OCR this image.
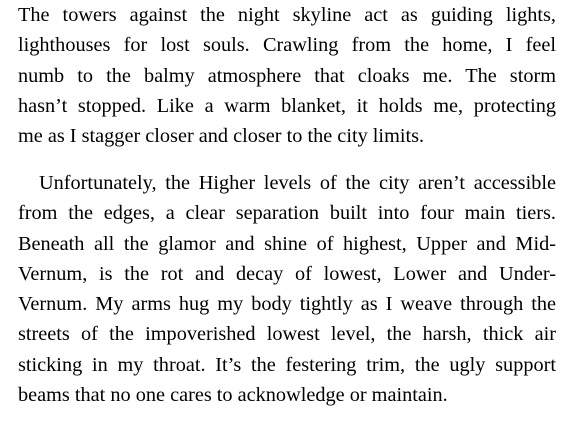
The towers against the night skyline act as guiding lights,
lighthouses for lost souls. Crawling from the home, I feel
numb to the balmy atmosphere that cloaks me. The storm
hasn’t stopped. Like a warm blanket, it holds me, protecting
me as I stagger closer and closer to the city limits.

Unfortunately, the Higher levels of the city aren’t accessible
from the edges, a clear separation built into four main tiers.
Beneath all the glamor and shine of highest, Upper and Mid-
Vernum, is the rot and decay of lowest, Lower and Under-
Vernum. My arms hug my body tightly as I weave through the
streets of the impoverished lowest level, the harsh, thick air
sticking in my throat. It’s the festering trim, the ugly support
beams that no one cares to acknowledge or maintain.
